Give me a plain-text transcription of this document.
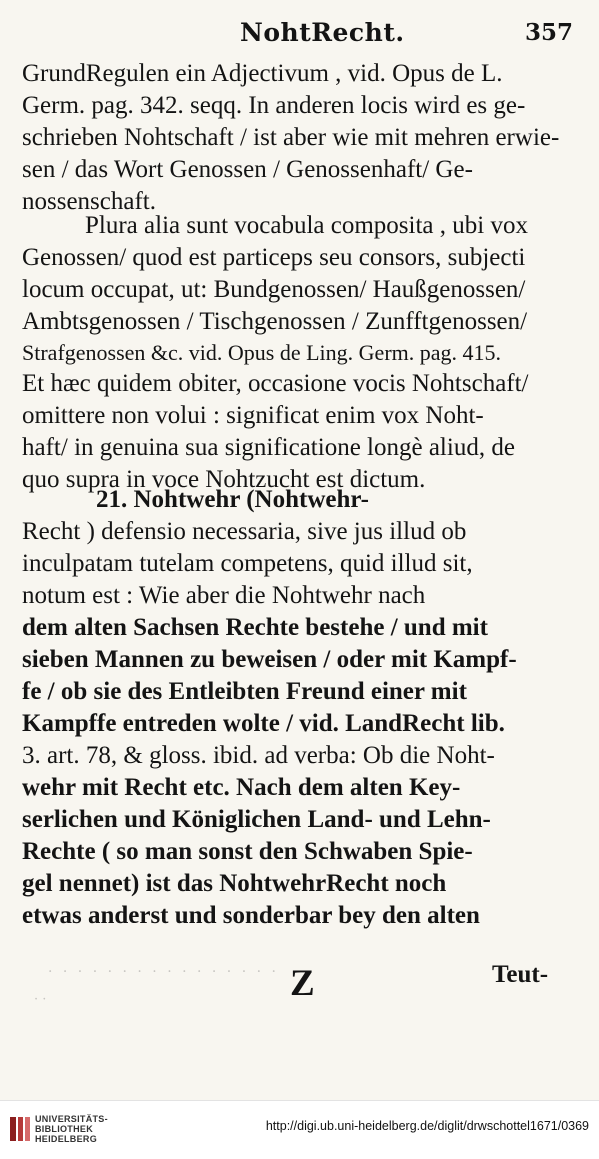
NohtRecht.	357
GrundRegulen ein Adjectivum , vid. Opus de L.
Germ. pag. 342. seqq. In anderen locis wird es ge-
schrieben Nohtschaft / ist aber wie mit mehren erwie-
sen / das Wort Genossen / Genossenhaft/ Ge-
nossenschaft.
Plura alia sunt vocabula composita , ubi vox
Genossen/ quod est particeps seu consors, subjecti
locum occupat, ut: Bundgenossen/ Haußgenossen/
Ambtsgenossen / Tischgenossen / Zunfftgenossen/
Strafgenossen &c. vid. Opus de Ling. Germ. pag. 415.
Et hæc quidem obiter, occasione vocis Nohtschaft/
omittere non volui : significat enim vox Noht-
haft/ in genuina sua significatione longè aliud, de
quo supra in voce Nohtzucht est dictum.
21. Nohtwehr (Nohtwehr-
Recht ) defensio necessaria, sive jus illud ob
inculpatam tutelam competens, quid illud sit,
notum est : Wie aber die Nohtwehr nach
dem alten Sachsen Rechte bestehe / und mit
sieben Mannen zu beweisen / oder mit Kampf-
fe / ob sie des Entleibten Freund einer mit
Kampffe entreden wolte / vid. LandRecht lib.
3. art. 78, & gloss. ibid. ad verba: Ob die Noht-
wehr mit Recht etc. Nach dem alten Key-
serlichen und Königlichen Land- und Lehn-
Rechte ( so man sonst den Schwaben Spie-
gel nennet) ist das NohtwehrRecht noch
etwas anderst und sonderbar bey den alten
· · · · · · · · · · · · · · · ·
· ·	Z	Teut-
UNIVERSITÄTS-
BIBLIOTHEK
HEIDELBERG
http://digi.ub.uni-heidelberg.de/diglit/drwschottel1671/0369
